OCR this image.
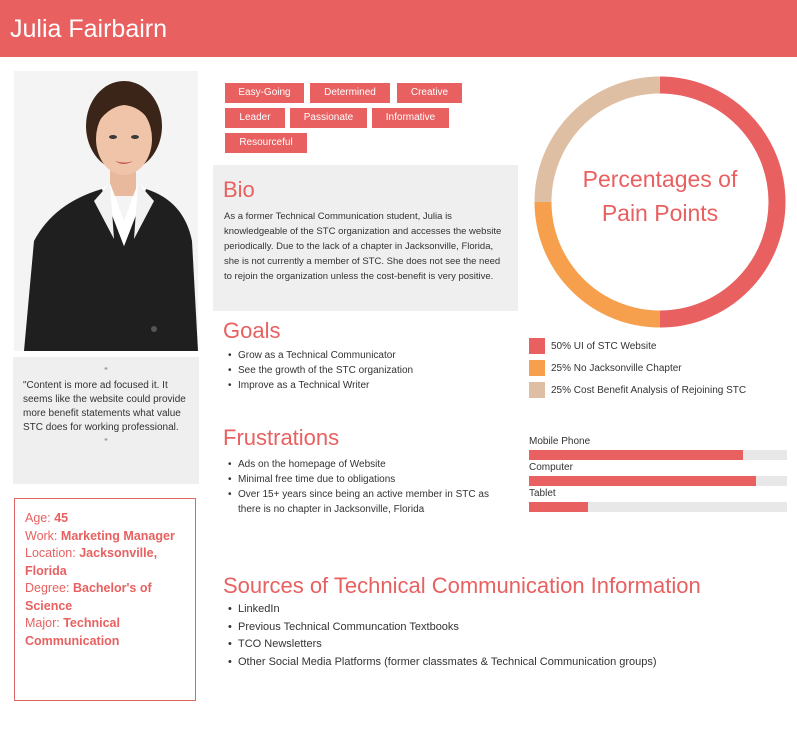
Julia Fairbairn
"
"Content is more ad focused it. It seems like the website could provide more benefit statements what value STC does for working professional.
"
Age: 45
Work: Marketing Manager
Location: Jacksonville, Florida
Degree: Bachelor's of Science
Major: Technical Communication
Easy-Going	Determined	Creative
Leader	Passionate	Informative
Resourceful
Bio

As a former Technical Communication student, Julia is knowledgeable of the STC organization and accesses the website periodically. Due to the lack of a chapter in Jacksonville, Florida, she is not currently a member of STC. She does not see the need to rejoin the organization unless the cost-benefit is very positive.

Goals
• Grow as a Technical Communicator
• See the growth of the STC organization
• Improve as a Technical Writer
Frustrations
• Ads on the homepage of Website
• Minimal free time due to obligations
• Over 15+ years since being an active member in STC as there is no chapter in Jacksonville, Florida
Sources of Technical Communication Information
• LinkedIn
• Previous Technical Communcation Textbooks
• TCO Newsletters
• Other Social Media Platforms (former classmates & Technical Communication groups)
Percentages of
Pain Points
50% UI of STC Website
25% No Jacksonville Chapter
25% Cost Benefit Analysis of Rejoining STC
Mobile Phone
Computer
Tablet
